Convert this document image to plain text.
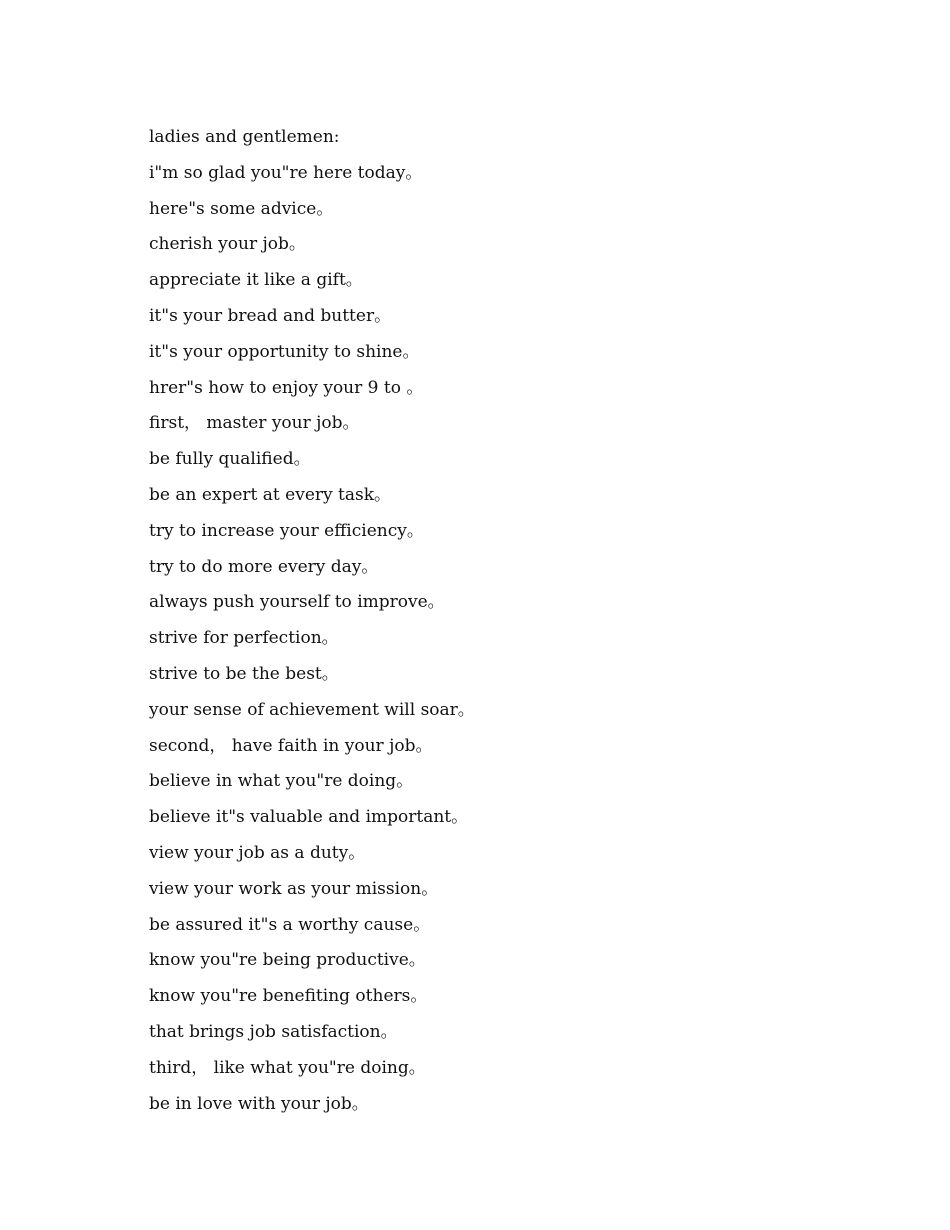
ladies and gentlemen:
i"m so glad you"re here today。
here"s some advice。
cherish your job。
appreciate it like a gift。
it"s your bread and butter。
it"s your opportunity to shine。
hrer"s how to enjoy your 9 to 。
first， master your job。
be fully qualified。
be an expert at every task。
try to increase your efficiency。
try to do more every day。
always push yourself to improve。
strive for perfection。
strive to be the best。
your sense of achievement will soar。
second， have faith in your job。
believe in what you"re doing。
believe it"s valuable and important。
view your job as a duty。
view your work as your mission。
be assured it"s a worthy cause。
know you"re being productive。
know you"re benefiting others。
that brings job satisfaction。
third， like what you"re doing。
be in love with your job。
